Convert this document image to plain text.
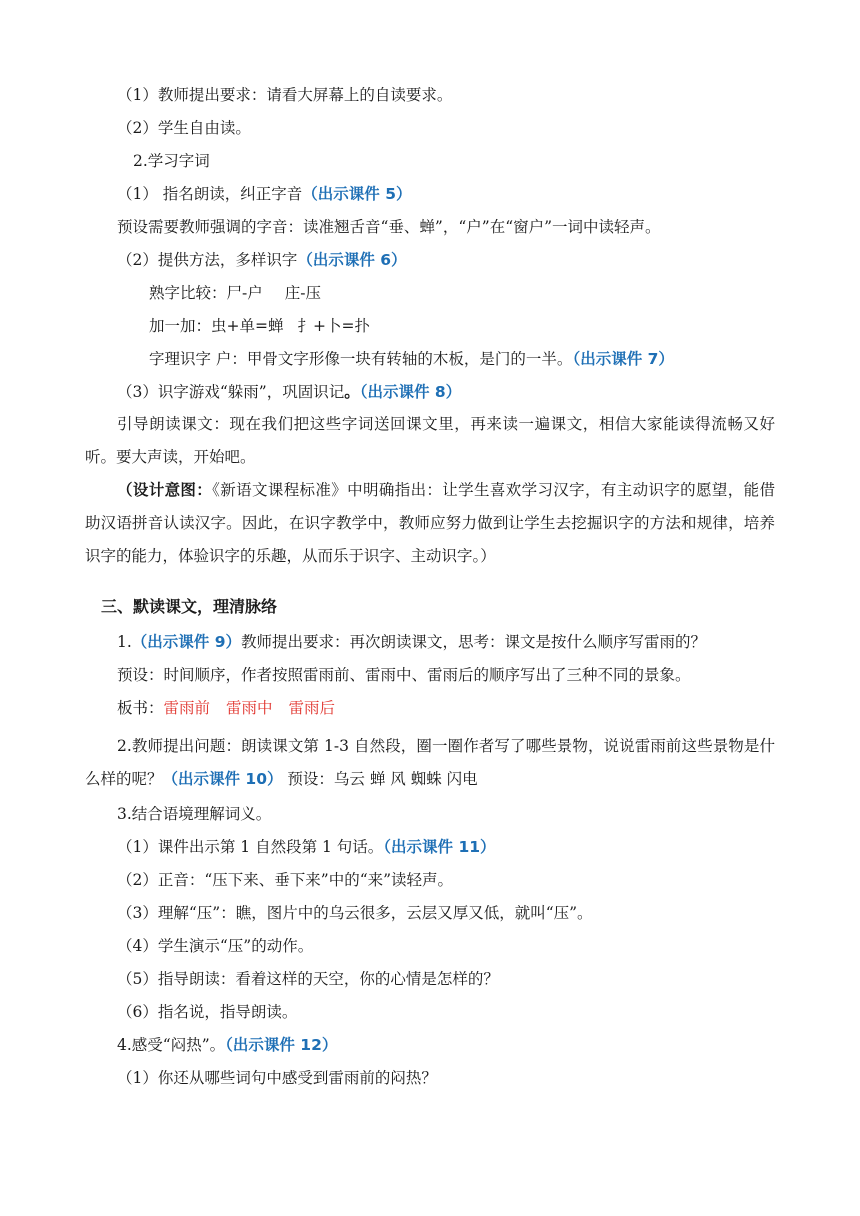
（1）教师提出要求：请看大屏幕上的自读要求。
（2）学生自由读。
2.学习字词
（1） 指名朗读，纠正字音（出示课件 5）
预设需要教师强调的字音：读准翘舌音“垂、蝉”，“户”在“窗户”一词中读轻声。
（2）提供方法，多样识字（出示课件 6）
熟字比较：尸-户 庄-压
加一加：虫+单=蝉 扌+卜=扑
字理识字 户：甲骨文字形像一块有转轴的木板，是门的一半。（出示课件 7）
（3）识字游戏“躲雨”，巩固识记。（出示课件 8）
引导朗读课文：现在我们把这些字词送回课文里，再来读一遍课文，相信大家能读得流畅又好听。要大声读，开始吧。
（设计意图：《新语文课程标准》中明确指出：让学生喜欢学习汉字，有主动识字的愿望，能借助汉语拼音认读汉字。因此，在识字教学中，教师应努力做到让学生去挖掘识字的方法和规律，培养识字的能力，体验识字的乐趣，从而乐于识字、主动识字。）
三、默读课文，理清脉络
1.（出示课件 9）教师提出要求：再次朗读课文，思考：课文是按什么顺序写雷雨的？
预设：时间顺序，作者按照雷雨前、雷雨中、雷雨后的顺序写出了三种不同的景象。
板书：雷雨前 雷雨中 雷雨后
2.教师提出问题：朗读课文第 1-3 自然段，圈一圈作者写了哪些景物，说说雷雨前这些景物是什么样的呢？（出示课件 10） 预设：乌云 蝉 风 蜘蛛 闪电
3.结合语境理解词义。
（1）课件出示第 1 自然段第 1 句话。（出示课件 11）
（2）正音：“压下来、垂下来”中的“来”读轻声。
（3）理解“压”：瞧，图片中的乌云很多，云层又厚又低，就叫“压”。
（4）学生演示“压”的动作。
（5）指导朗读：看着这样的天空，你的心情是怎样的？
（6）指名说，指导朗读。
4.感受“闷热”。（出示课件 12）
（1）你还从哪些词句中感受到雷雨前的闷热？
